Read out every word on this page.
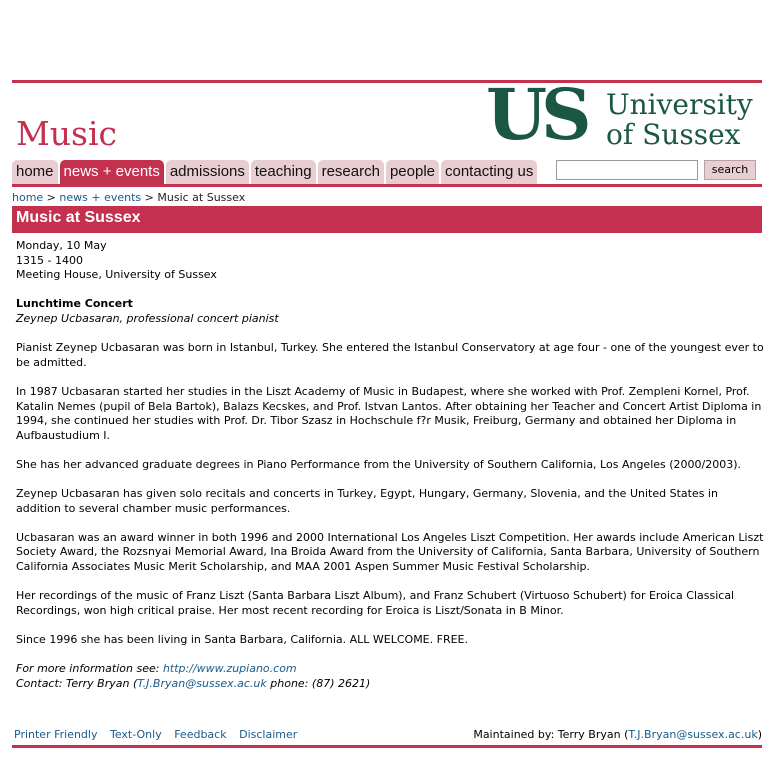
Music	US University
of Sussex
home news + events admissions teaching research people contacting us	search
home > news + events > Music at Sussex
Music at Sussex

Monday, 10 May
1315 - 1400
Meeting House, University of Sussex

Lunchtime Concert
Zeynep Ucbasaran, professional concert pianist

Pianist Zeynep Ucbasaran was born in Istanbul, Turkey. She entered the Istanbul Conservatory at age four - one of the youngest ever to be admitted.

In 1987 Ucbasaran started her studies in the Liszt Academy of Music in Budapest, where she worked with Prof. Zempleni Kornel, Prof. Katalin Nemes (pupil of Bela Bartok), Balazs Kecskes, and Prof. Istvan Lantos. After obtaining her Teacher and Concert Artist Diploma in 1994, she continued her studies with Prof. Dr. Tibor Szasz in Hochschule f?r Musik, Freiburg, Germany and obtained her Diploma in Aufbaustudium I.

She has her advanced graduate degrees in Piano Performance from the University of Southern California, Los Angeles (2000/2003).

Zeynep Ucbasaran has given solo recitals and concerts in Turkey, Egypt, Hungary, Germany, Slovenia, and the United States in addition to several chamber music performances.

Ucbasaran was an award winner in both 1996 and 2000 International Los Angeles Liszt Competition. Her awards include American Liszt Society Award, the Rozsnyai Memorial Award, Ina Broida Award from the University of California, Santa Barbara, University of Southern California Associates Music Merit Scholarship, and MAA 2001 Aspen Summer Music Festival Scholarship.

Her recordings of the music of Franz Liszt (Santa Barbara Liszt Album), and Franz Schubert (Virtuoso Schubert) for Eroica Classical Recordings, won high critical praise. Her most recent recording for Eroica is Liszt/Sonata in B Minor.

Since 1996 she has been living in Santa Barbara, California. ALL WELCOME. FREE.

For more information see: http://www.zupiano.com
Contact: Terry Bryan (T.J.Bryan@sussex.ac.uk phone: (87) 2621)

Printer Friendly Text-Only Feedback Disclaimer	Maintained by: Terry Bryan (T.J.Bryan@sussex.ac.uk)
